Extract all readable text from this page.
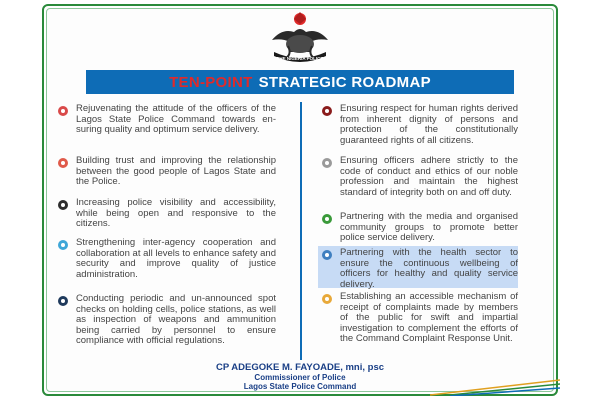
THE NIGERIA POLICE
TEN-POINT STRATEGIC ROADMAP
Rejuvenating the attitude of the officers of the Lagos State Police Command towards en-suring quality and optimum service delivery.
Building trust and improving the relationship between the good people of Lagos State and the Police.
Increasing police visibility and accessibility, while being open and responsive to the citizens.
Strengthening inter-agency cooperation and collaboration at all levels to enhance safety and security and improve quality of justice administration.
Conducting periodic and un-announced spot checks on holding cells, police stations, as well as inspection of weapons and ammunition being carried by personnel to ensure compliance with official regulations.
Ensuring respect for human rights derived from inherent dignity of persons and protection of the constitutionally guaranteed rights of all citizens.
Ensuring officers adhere strictly to the code of conduct and ethics of our noble profession and maintain the highest standard of integrity both on and off duty.
Partnering with the media and organised community groups to promote better police service delivery.
Partnering with the health sector to ensure the continuous wellbeing of officers for healthy and quality service delivery.
Establishing an accessible mechanism of receipt of complaints made by members of the public for swift and impartial investigation to complement the efforts of the Command Complaint Response Unit.
CP ADEGOKE M. FAYOADE, mni, psc
Commissioner of Police
Lagos State Police Command
